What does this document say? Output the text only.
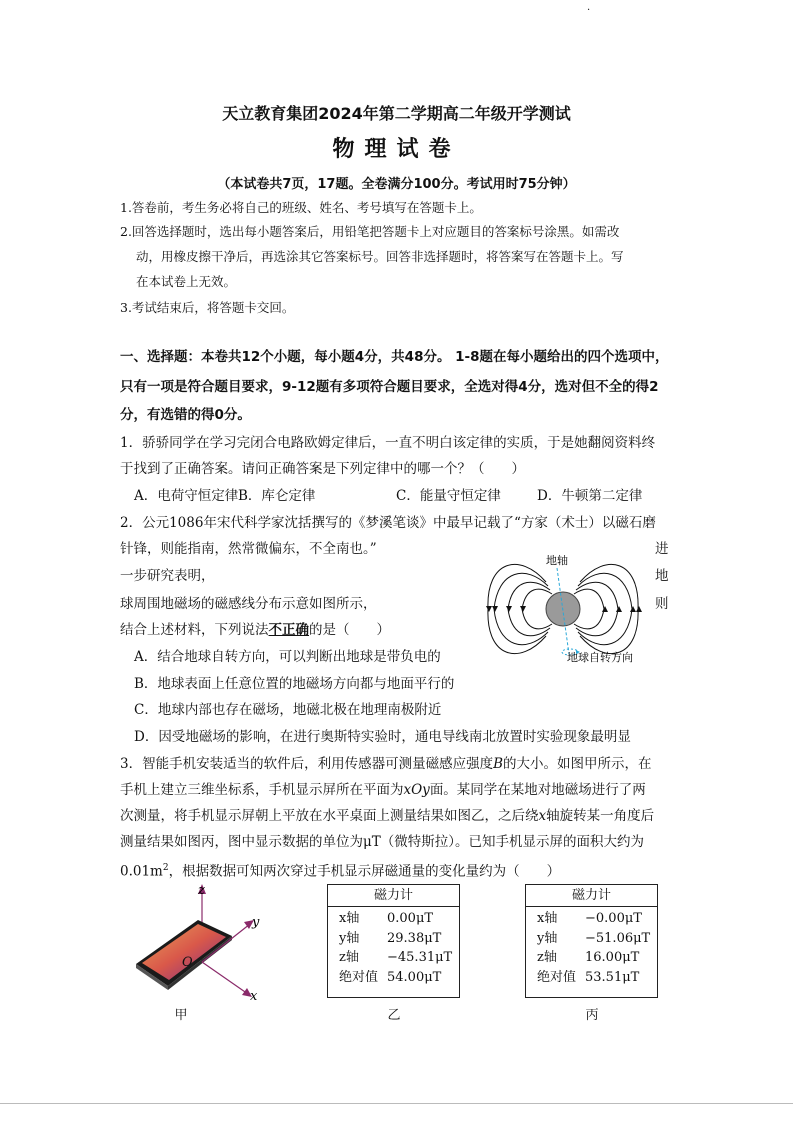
.
天立教育集团2024年第二学期高二年级开学测试
物理试卷
（本试卷共7页，17题。全卷满分100分。考试用时75分钟）
1.答卷前，考生务必将自己的班级、姓名、考号填写在答题卡上。
2.回答选择题时，选出每小题答案后，用铅笔把答题卡上对应题目的答案标号涂黑。如需改
动，用橡皮擦干净后，再选涂其它答案标号。回答非选择题时，将答案写在答题卡上。写
在本试卷上无效。
3.考试结束后，将答题卡交回。
一、选择题：本卷共12个小题，每小题4分，共48分。 1-8题在每小题给出的四个选项中，
只有一项是符合题目要求，9-12题有多项符合题目要求，全选对得4分，选对但不全的得2
分，有选错的得0分。
1．骄骄同学在学习完闭合电路欧姆定律后，一直不明白该定律的实质，于是她翻阅资料终
于找到了正确答案。请问正确答案是下列定律中的哪一个？（　　）
A．电荷守恒定律 B．库仑定律	C．能量守恒定律	D．牛顿第二定律
2．公元1086年宋代科学家沈括撰写的《梦溪笔谈》中最早记载了“方家（术士）以磁石磨
针锋，则能指南，然常微偏东，不全南也。”	进
一步研究表明，	地
球周围地磁场的磁感线分布示意如图所示，	则
结合上述材料，下列说法不正确的是（　　）
A．结合地球自转方向，可以判断出地球是带负电的
B．地球表面上任意位置的地磁场方向都与地面平行的
C．地球内部也存在磁场，地磁北极在地理南极附近
D．因受地磁场的影响，在进行奥斯特实验时，通电导线南北放置时实验现象最明显
地轴
地球自转方向
3．智能手机安装适当的软件后，利用传感器可测量磁感应强度B的大小。如图甲所示，在
手机上建立三维坐标系，手机显示屏所在平面为xOy面。某同学在某地对地磁场进行了两
次测量，将手机显示屏朝上平放在水平桌面上测量结果如图乙，之后绕x轴旋转某一角度后
测量结果如图丙，图中显示数据的单位为μT（微特斯拉）。已知手机显示屏的面积大约为
$0.01m^2$，根据数据可知两次穿过手机显示屏磁通量的变化量约为（　　）
z
y
O
x
甲
磁力计
x轴 0.00μT
y轴 29.38μT
z轴 −45.31μT
绝对值 54.00μT
乙
磁力计
x轴 −0.00μT
y轴 −51.06μT
z轴 16.00μT
绝对值 53.51μT
丙
